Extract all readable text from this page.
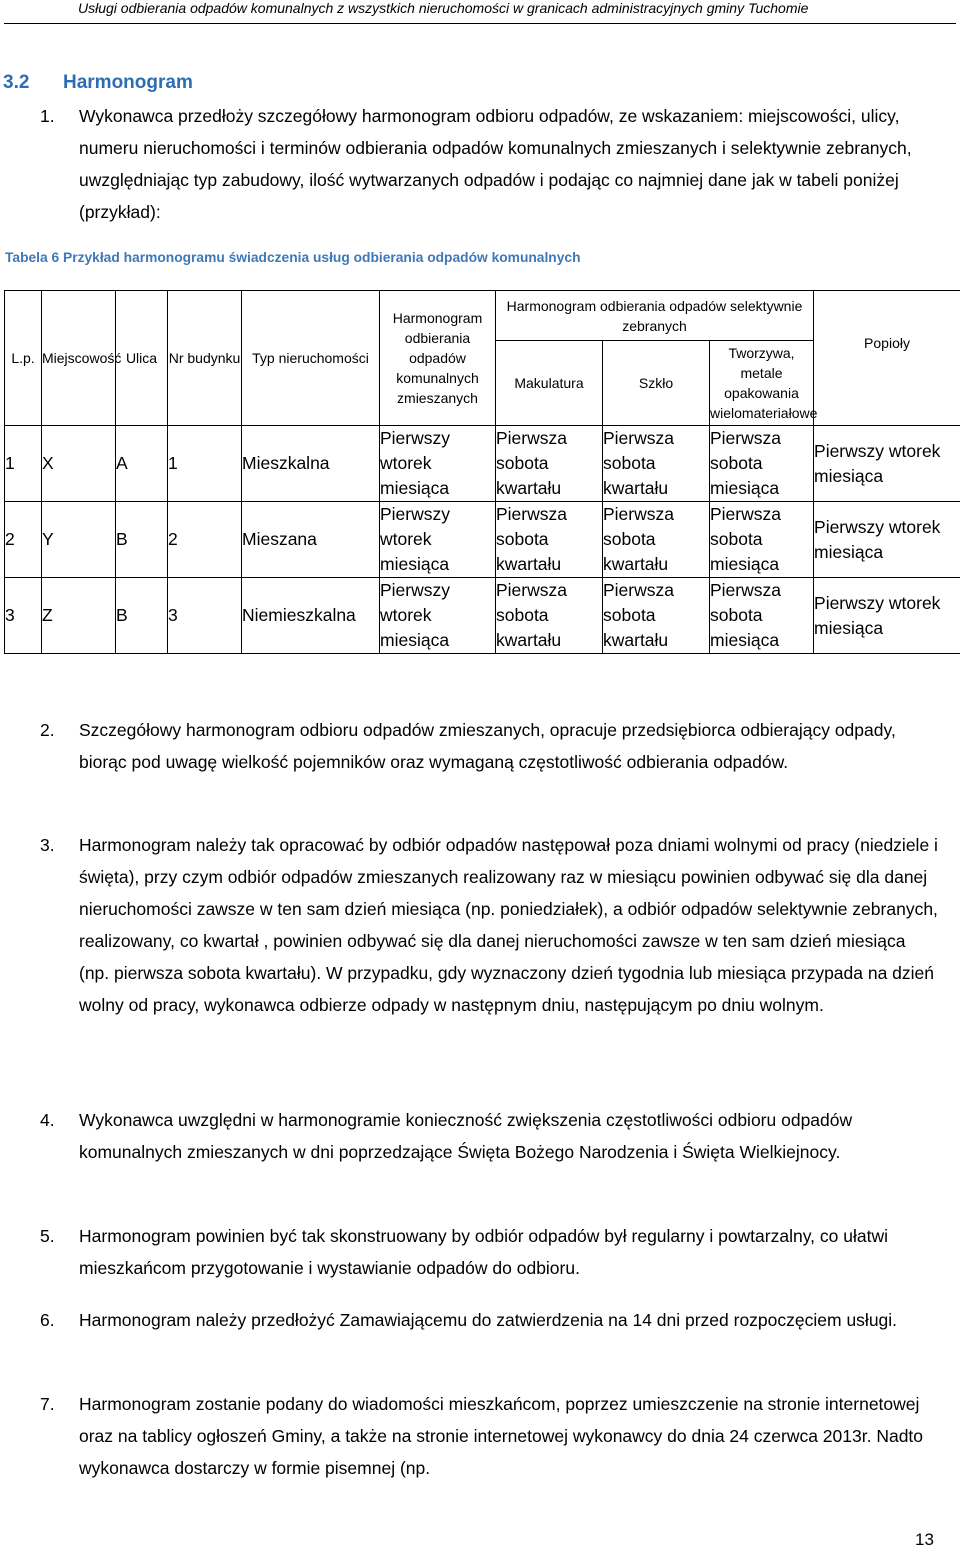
Usługi odbierania odpadów komunalnych z wszystkich nieruchomości w granicach administracyjnych gminy Tuchomie
3.2 Harmonogram
1. Wykonawca przedłoży szczegółowy harmonogram odbioru odpadów, ze wskazaniem: miejscowości, ulicy, numeru nieruchomości i terminów odbierania odpadów komunalnych zmieszanych i selektywnie zebranych, uwzględniając typ zabudowy, ilość wytwarzanych odpadów i podając co najmniej dane jak w tabeli poniżej (przykład):
Tabela 6 Przykład harmonogramu świadczenia usług odbierania odpadów komunalnych
L.p.	Miejscowość	Ulica	Nr budynku	Typ nieruchomości	Harmonogram odbierania odpadów komunalnych zmieszanych	Harmonogram odbierania odpadów selektywnie zebranych			Popioły
						Makulatura	Szkło	Tworzywa, metale opakowania wielomateriałowe	
1	X	A	1	Mieszkalna	Pierwszy wtorek miesiąca	Pierwsza sobota kwartału	Pierwsza sobota kwartału	Pierwsza sobota miesiąca	Pierwszy wtorek miesiąca
2	Y	B	2	Mieszana	Pierwszy wtorek miesiąca	Pierwsza sobota kwartału	Pierwsza sobota kwartału	Pierwsza sobota miesiąca	Pierwszy wtorek miesiąca
3	Z	B	3	Niemieszkalna	Pierwszy wtorek miesiąca	Pierwsza sobota kwartału	Pierwsza sobota kwartału	Pierwsza sobota miesiąca	Pierwszy wtorek miesiąca
2. Szczegółowy harmonogram odbioru odpadów zmieszanych, opracuje przedsiębiorca odbierający odpady, biorąc pod uwagę wielkość pojemników oraz wymaganą częstotliwość odbierania odpadów.
3. Harmonogram należy tak opracować by odbiór odpadów następował poza dniami wolnymi od pracy (niedziele i święta), przy czym odbiór odpadów zmieszanych realizowany raz w miesiącu powinien odbywać się dla danej nieruchomości zawsze w ten sam dzień miesiąca (np. poniedziałek), a odbiór odpadów selektywnie zebranych, realizowany, co kwartał , powinien odbywać się dla danej nieruchomości zawsze w ten sam dzień miesiąca (np. pierwsza sobota kwartału). W przypadku, gdy wyznaczony dzień tygodnia lub miesiąca przypada na dzień wolny od pracy, wykonawca odbierze odpady w następnym dniu, następującym po dniu wolnym.
4. Wykonawca uwzględni w harmonogramie konieczność zwiększenia częstotliwości odbioru odpadów komunalnych zmieszanych w dni poprzedzające Święta Bożego Narodzenia i Święta Wielkiejnocy.
5. Harmonogram powinien być tak skonstruowany by odbiór odpadów był regularny i powtarzalny, co ułatwi mieszkańcom przygotowanie i wystawianie odpadów do odbioru.
6. Harmonogram należy przedłożyć Zamawiającemu do zatwierdzenia na 14 dni przed rozpoczęciem usługi.
7. Harmonogram zostanie podany do wiadomości mieszkańcom, poprzez umieszczenie na stronie internetowej oraz na tablicy ogłoszeń Gminy, a także na stronie internetowej wykonawcy do dnia 24 czerwca 2013r. Nadto wykonawca dostarczy w formie pisemnej (np.
13
